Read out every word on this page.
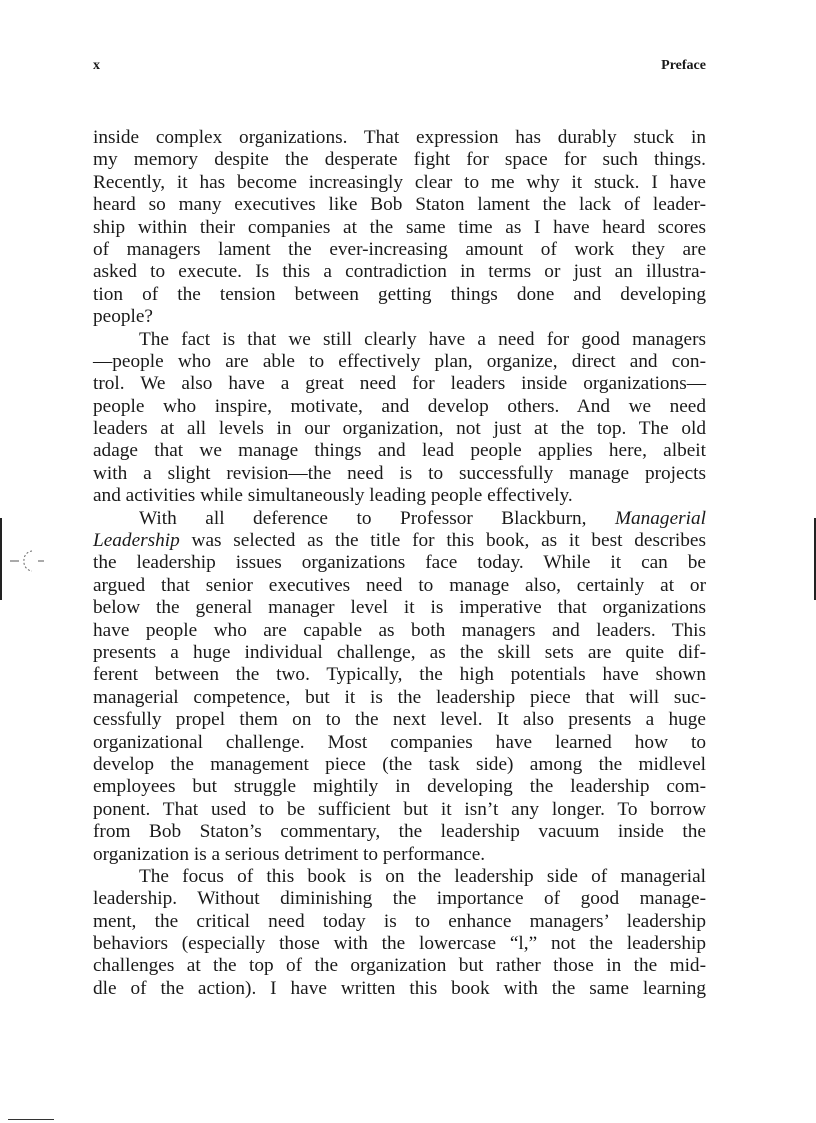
x	Preface
inside complex organizations. That expression has durably stuck in
my memory despite the desperate fight for space for such things.
Recently, it has become increasingly clear to me why it stuck. I have
heard so many executives like Bob Staton lament the lack of leader-
ship within their companies at the same time as I have heard scores
of managers lament the ever-increasing amount of work they are
asked to execute. Is this a contradiction in terms or just an illustra-
tion of the tension between getting things done and developing
people?
The fact is that we still clearly have a need for good managers
—people who are able to effectively plan, organize, direct and con-
trol. We also have a great need for leaders inside organizations—
people who inspire, motivate, and develop others. And we need
leaders at all levels in our organization, not just at the top. The old
adage that we manage things and lead people applies here, albeit
with a slight revision—the need is to successfully manage projects
and activities while simultaneously leading people effectively.
With all deference to Professor Blackburn, Managerial
Leadership was selected as the title for this book, as it best describes
the leadership issues organizations face today. While it can be
argued that senior executives need to manage also, certainly at or
below the general manager level it is imperative that organizations
have people who are capable as both managers and leaders. This
presents a huge individual challenge, as the skill sets are quite dif-
ferent between the two. Typically, the high potentials have shown
managerial competence, but it is the leadership piece that will suc-
cessfully propel them on to the next level. It also presents a huge
organizational challenge. Most companies have learned how to
develop the management piece (the task side) among the midlevel
employees but struggle mightily in developing the leadership com-
ponent. That used to be sufficient but it isn’t any longer. To borrow
from Bob Staton’s commentary, the leadership vacuum inside the
organization is a serious detriment to performance.
The focus of this book is on the leadership side of managerial
leadership. Without diminishing the importance of good manage-
ment, the critical need today is to enhance managers’ leadership
behaviors (especially those with the lowercase “l,” not the leadership
challenges at the top of the organization but rather those in the mid-
dle of the action). I have written this book with the same learning
